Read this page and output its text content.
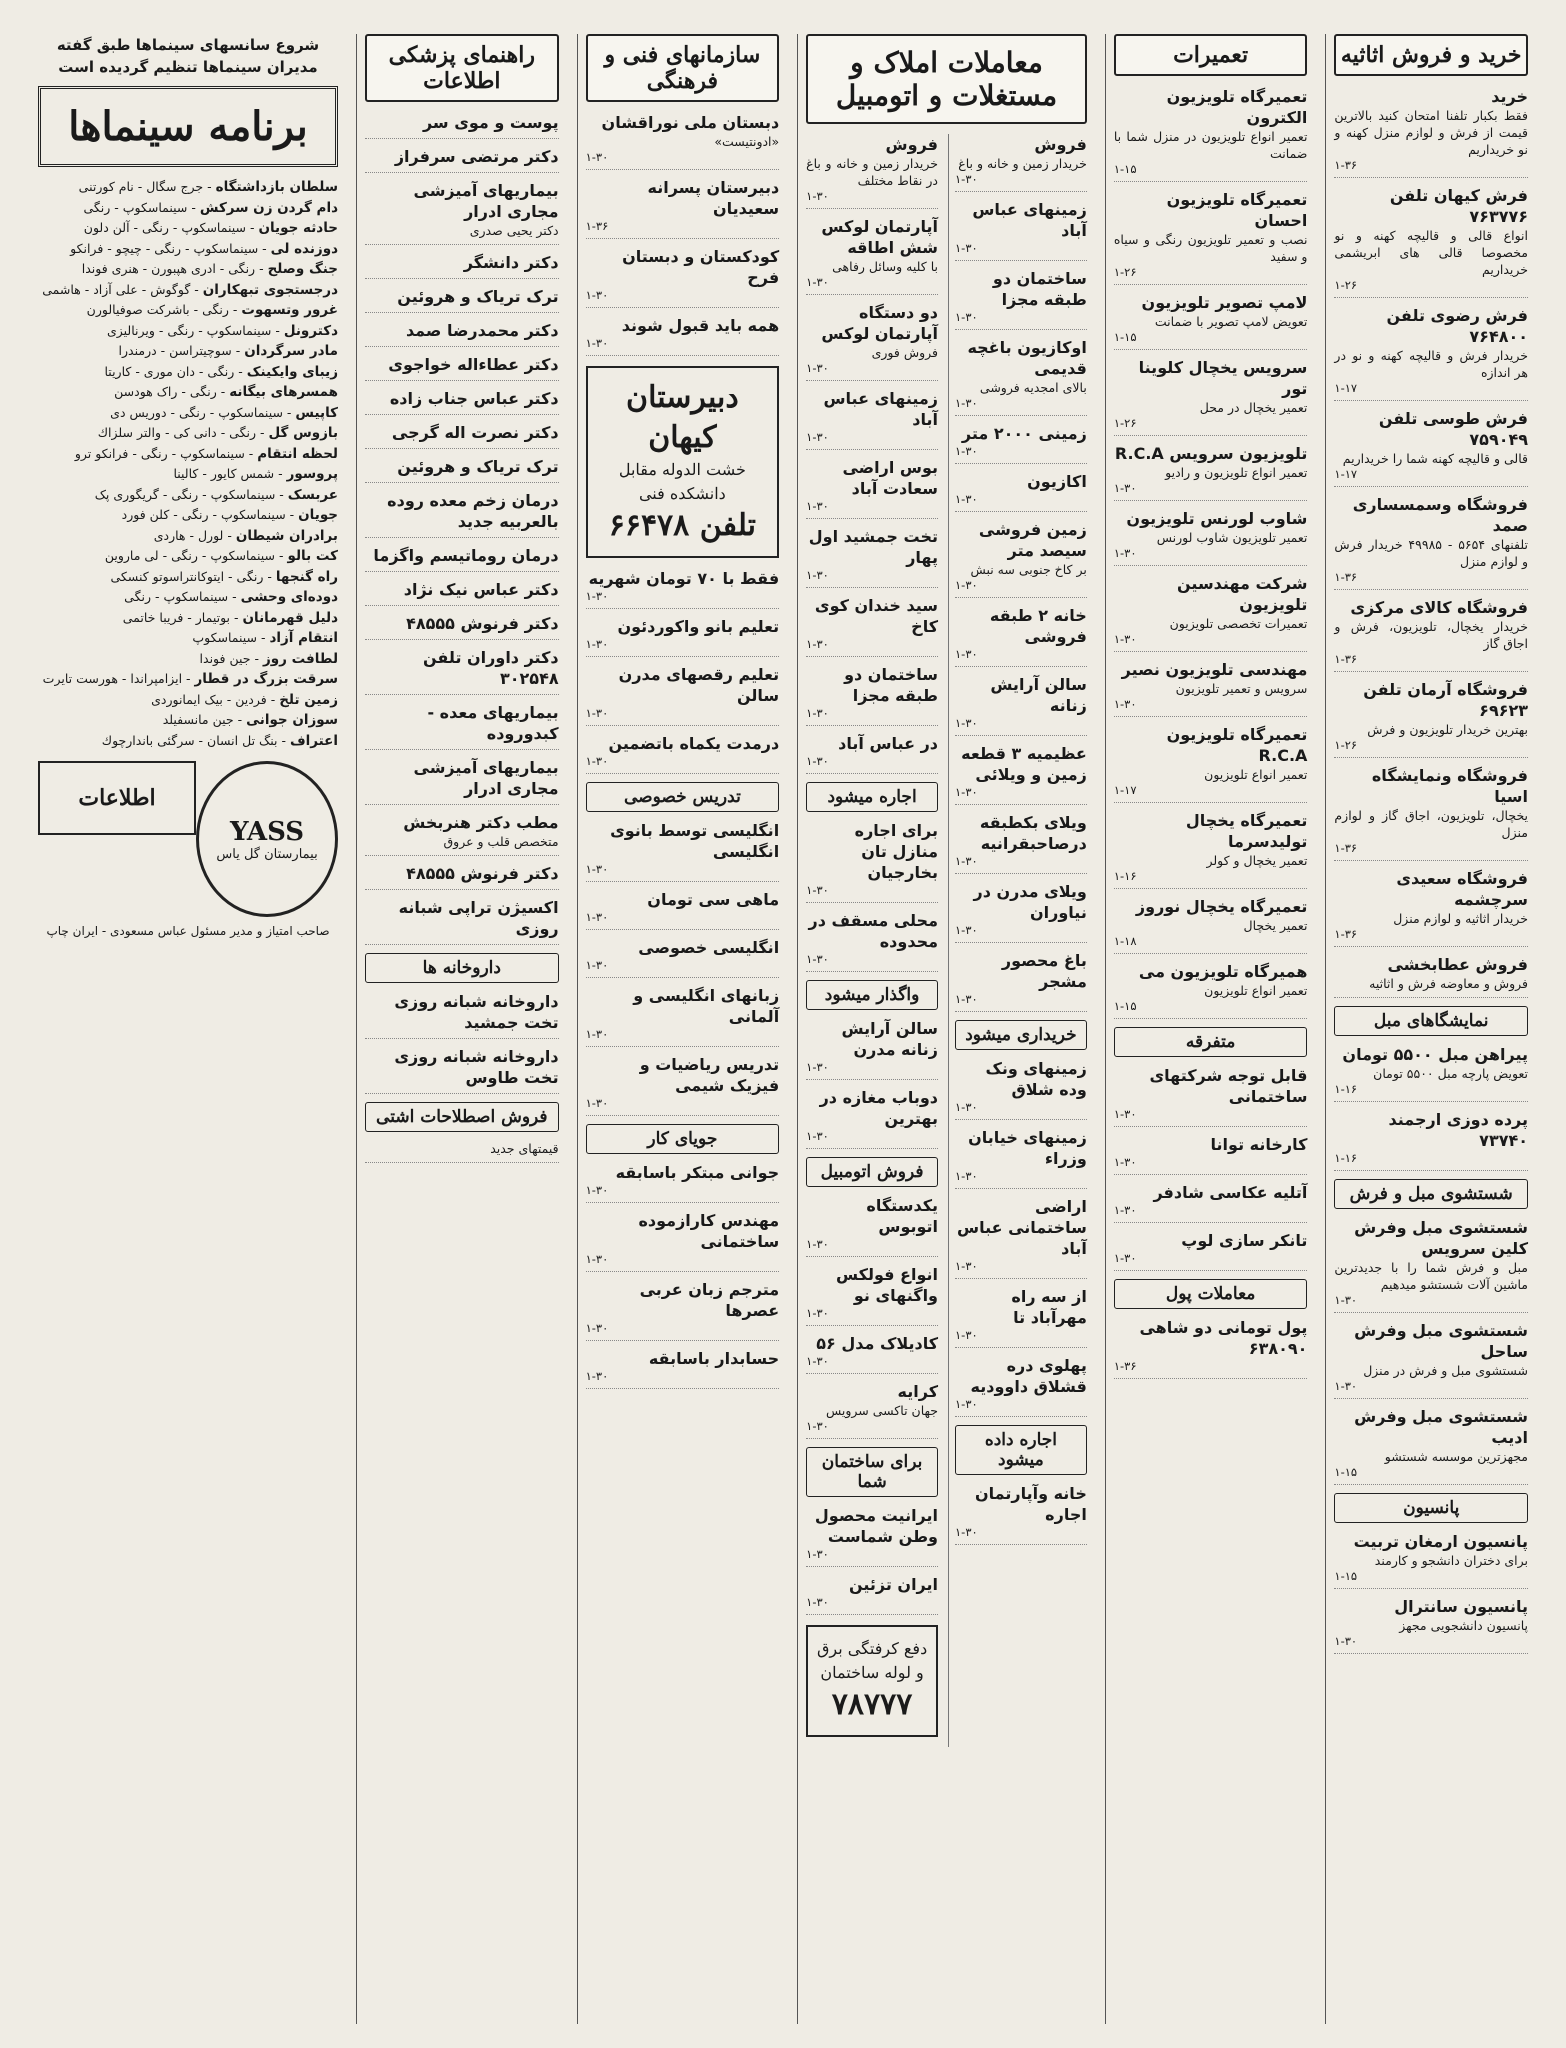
خرید و فروش اثاثیه
خرید
فقط بکبار تلفنا امتحان کنید بالاترین قیمت از فرش و لوازم منزل کهنه و نو خریداریم
۱-۳۶
فرش کیهان تلفن ۷۶۳۷۷۶
انواع قالی و قالیچه کهنه و نو مخصوصا قالی های ابریشمی خریداریم
۱-۲۶
فرش رضوی تلفن ۷۶۴۸۰۰
خریدار فرش و قالیچه کهنه و نو در هر اندازه
۱-۱۷
فرش طوسی تلفن ۷۵۹۰۴۹
قالی و قالیچه کهنه شما را خریداریم
۱-۱۷
فروشگاه وسمسساری صمد
تلفنهای ۵۶۵۴ - ۴۹۹۸۵ خریدار فرش و لوازم منزل
۱-۳۶
فروشگاه کالای مرکزی
خریدار یخچال، تلویزیون، فرش و اجاق گاز
۱-۳۶
فروشگاه آرمان تلفن ۶۹۶۲۳
بهترین خریدار تلویزیون و فرش
۱-۲۶
فروشگاه ونمایشگاه اسیا
یخچال، تلویزیون، اجاق گاز و لوازم منزل
۱-۳۶
فروشگاه سعیدی سرچشمه
خریدار اثاثیه و لوازم منزل
۱-۳۶
فروش عطابخشی
فروش و معاوضه فرش و اثاثیه
نمایشگاهای مبل
پیراهن مبل ۵۵۰۰ تومان
تعویض پارچه مبل ۵۵۰۰ تومان
۱-۱۶
پرده دوزی ارجمند ۷۳۷۴۰
۱-۱۶
شستشوی مبل و فرش
شستشوی مبل وفرش کلین سرویس
مبل و فرش شما را با جدیدترین ماشین آلات شستشو میدهیم
۱-۳۰
شستشوی مبل وفرش ساحل
شستشوی مبل و فرش در منزل
۱-۳۰
شستشوی مبل وفرش ادیب
مجهزترین موسسه شستشو
۱-۱۵
پانسیون
پانسیون ارمغان تربیت
برای دختران دانشجو و کارمند
۱-۱۵
پانسیون سانترال
پانسیون دانشجویی مجهز
۱-۳۰
تعمیرات
تعمیرگاه تلویزیون الکترون
تعمیر انواع تلویزیون در منزل شما با ضمانت
۱-۱۵
تعمیرگاه تلویزیون احسان
نصب و تعمیر تلویزیون رنگی و سیاه و سفید
۱-۲۶
لامپ تصویر تلویزیون
تعویض لامپ تصویر با ضمانت
۱-۱۵
سرویس یخچال کلوینا تور
تعمیر یخچال در محل
۱-۲۶
تلویزیون سرویس R.C.A
تعمیر انواع تلویزیون و رادیو
۱-۳۰
شاوب لورنس تلویزیون
تعمیر تلویزیون شاوب لورنس
۱-۳۰
شرکت مهندسین تلویزیون
تعمیرات تخصصی تلویزیون
۱-۳۰
مهندسی تلویزیون نصیر
سرویس و تعمیر تلویزیون
۱-۳۰
تعمیرگاه تلویزیون R.C.A
تعمیر انواع تلویزیون
۱-۱۷
تعمیرگاه یخچال تولیدسرما
تعمیر یخچال و کولر
۱-۱۶
تعمیرگاه یخچال نوروز
تعمیر یخچال
۱-۱۸
همیرگاه تلویزیون می
تعمیر انواع تلویزیون
۱-۱۵
متفرقه
قابل توجه شرکتهای ساختمانی
۱-۳۰
کارخانه توانا
۱-۳۰
آتلیه عکاسی شادفر
۱-۳۰
تانکر سازی لوپ
۱-۳۰
معاملات پول
پول تومانی دو شاهی ۶۳۸۰۹۰
۱-۳۶
معاملات املاک و مستغلات و اتومبیل
فروش
خریدار زمین و خانه و باغ
۱-۳۰
زمینهای عباس آباد
۱-۳۰
ساختمان دو طبقه مجزا
۱-۳۰
اوکازیون باغچه قدیمی
بالای امجدیه فروشی
۱-۳۰
زمینی ۲۰۰۰ متر
۱-۳۰
اکازیون
۱-۳۰
زمین فروشی سیصد متر
بر کاخ جنوبی سه نبش
۱-۳۰
خانه ۲ طبقه فروشی
۱-۳۰
سالن آرایش زنانه
۱-۳۰
عظیمیه ۳ قطعه زمین و ویلائی
۱-۳۰
ویلای بکطبقه درصاحبقرانیه
۱-۳۰
ویلای مدرن در نیاوران
۱-۳۰
باغ محصور مشجر
۱-۳۰
خریداری میشود
زمینهای ونک وده شلاق
۱-۳۰
زمینهای خیابان وزراء
۱-۳۰
اراضی ساختمانی عباس آباد
۱-۳۰
از سه راه مهرآباد تا
۱-۳۰
پهلوی دره قشلاق داوودیه
۱-۳۰
اجاره داده میشود
خانه وآپارتمان اجاره
۱-۳۰
فروش
خریدار زمین و خانه و باغ در نقاط مختلف
۱-۳۰
آپارتمان لوکس شش اطاقه
با کلیه وسائل رفاهی
۱-۳۰
دو دستگاه آپارتمان لوکس
فروش فوری
۱-۳۰
زمینهای عباس آباد
۱-۳۰
بوس اراضی سعادت آباد
۱-۳۰
تخت جمشید اول پهار
۱-۳۰
سید خندان کوی کاخ
۱-۳۰
ساختمان دو طبقه مجزا
۱-۳۰
در عباس آباد
۱-۳۰
اجاره میشود
برای اجاره منازل تان بخارجیان
۱-۳۰
محلی مسقف در محدوده
۱-۳۰
واگذار میشود
سالن آرایش زنانه مدرن
۱-۳۰
دوباب مغازه در بهترین
۱-۳۰
فروش اتومبیل
یکدستگاه اتوبوس
۱-۳۰
انواع فولکس واگنهای نو
۱-۳۰
کادیلاک مدل ۵۶
۱-۳۰
کرایه
جهان تاکسی سرویس
۱-۳۰
برای ساختمان شما
ایرانیت محصول وطن شماست
۱-۳۰
ایران تزئین
۱-۳۰
دفع کرفتگی برق و لوله ساختمان
۷۸۷۷۷
سازمانهای فنی و فرهنگی
دبستان ملی نوراقشان
«ادونتیست»
۱-۳۰
دبیرستان پسرانه سعیدیان
۱-۳۶
کودکستان و دبستان فرح
۱-۳۰
همه باید قبول شوند
۱-۳۰
دبیرستان کیهان
خشت الدوله مقابل دانشکده فنی
تلفن ۶۶۴۷۸
فقط با ۷۰ تومان شهریه
۱-۳۰
تعلیم بانو واکوردئون
۱-۳۰
تعلیم رقصهای مدرن سالن
۱-۳۰
درمدت یکماه باتضمین
۱-۳۰
تدریس خصوصی
انگلیسی توسط بانوی انگلیسی
۱-۳۰
ماهی سی تومان
۱-۳۰
انگلیسی خصوصی
۱-۳۰
زبانهای انگلیسی و آلمانی
۱-۳۰
تدریس ریاضیات و فیزیک شیمی
۱-۳۰
جویای کار
جوانی مبتکر باسابقه
۱-۳۰
مهندس کارازموده ساختمانی
۱-۳۰
مترجم زبان عربی عصرها
۱-۳۰
حسابدار باسابقه
۱-۳۰
راهنمای پزشکی اطلاعات
پوست و موی سر
دکتر مرتضی سرفراز
بیماریهای آمیزشی مجاری ادرار
دکتر یحیی صدری
دکتر دانشگر
ترک تریاک و هروئین
دکتر محمدرضا صمد
دکتر عطاءاله خواجوی
دکتر عباس جناب زاده
دکتر نصرت اله گرجی
ترک تریاک و هروئین
درمان زخم معده روده بالعربیه جدید
درمان روماتیسم واگزما
دکتر عباس نیک نژاد
دکتر فرنوش ۴۸۵۵۵
دکتر داوران تلفن ۳۰۲۵۴۸
بیماریهای معده - کبدوروده
بیماریهای آمیزشی مجاری ادرار
مطب دکتر هنربخش
متخصص قلب و عروق
دکتر فرنوش ۴۸۵۵۵
اکسیژن تراپی شبانه روزی
داروخانه ها
داروخانه شبانه روزی تخت جمشید
داروخانه شبانه روزی تخت طاوس
فروش اصطلاحات اشتی
قیمتهای جدید
شروع سانسهای سینماها طبق گفته مدیران سینماها تنظیم گردیده است
برنامه سینماها
سلطان بازداشتگاه - جرج سگال - نام کورتنی
دام گردن زن سرکش - سینماسکوپ - رنگی
حادثه جویان - سینماسکوپ - رنگی - آلن دلون
دوزنده لی - سینماسکوپ - رنگی - چیچو - فرانکو
جنگ وصلح - رنگی - ادری هپبورن - هنری فوندا
درجستجوی تبهکاران - گوگوش - علی آزاد - هاشمی
غرور وتسهوت - رنگی - باشرکت صوفیالورن
دکترونل - سینماسکوپ - رنگی - ویرنالیزی
مادر سرگردان - سوچیتراسن - درمندرا
زیبای وایکینک - رنگی - دان موری - کاریتا
همسرهای بیگانه - رنگی - راک هودسن
کاپیس - سینماسکوپ - رنگی - دوریس دی
بازوس گل - رنگی - دانی کی - والتر سلزاك
لحظه انتقام - سینماسکوپ - رنگی - فرانکو ترو
پروسور - شمس کایور - کالینا
عربسک - سینماسکوپ - رنگی - گریگوری پک
جویان - سینماسکوپ - رنگی - کلن فورد
برادران شیطان - لورل - هاردی
کت بالو - سینماسکوپ - رنگی - لی ماروین
راه گنجها - رنگی - ایتوکانتراسوتو کنسکی
دوده‌ای وحشی - سینماسکوپ - رنگی
دلیل قهرمانان - بوتیمار - فریبا خاتمی
انتقام آزاد - سینماسکوپ
لطافت روز - جین فوندا
سرقت بزرگ در قطار - ایزامپراندا - هورست تایرت
زمین تلخ - فردین - بیک ایمانوردی
سوزان جوانی - جین مانسفیلد
اعتراف - بنگ تل انسان - سرگئی باندارچوك
YASS
بیمارستان گل یاس
اطلاعات
صاحب امتیاز و مدیر مسئول عباس مسعودی - ایران چاپ
